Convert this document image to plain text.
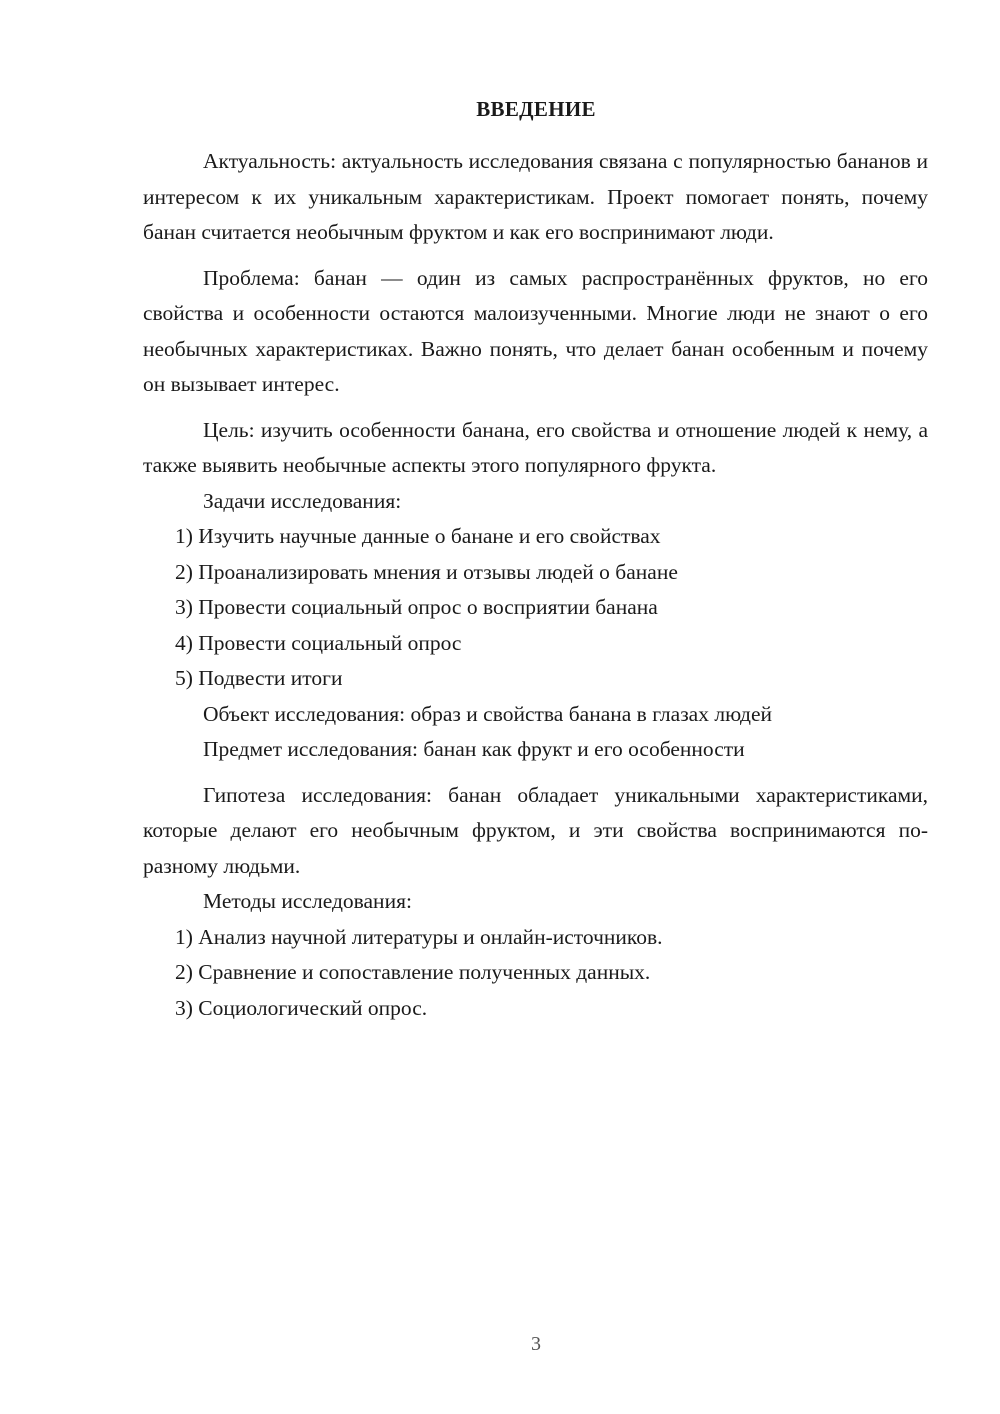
ВВЕДЕНИЕ

Актуальность: актуальность исследования связана с популярностью бананов и интересом к их уникальным характеристикам. Проект помогает понять, почему банан считается необычным фруктом и как его воспринимают люди.

Проблема: банан — один из самых распространённых фруктов, но его свойства и особенности остаются малоизученными. Многие люди не знают о его необычных характеристиках. Важно понять, что делает банан особенным и почему он вызывает интерес.

Цель: изучить особенности банана, его свойства и отношение людей к нему, а также выявить необычные аспекты этого популярного фрукта.

Задачи исследования:

1) Изучить научные данные о банане и его свойствах

2) Проанализировать мнения и отзывы людей о банане

3) Провести социальный опрос о восприятии банана

4) Провести социальный опрос

5) Подвести итоги

Объект исследования: образ и свойства банана в глазах людей

Предмет исследования: банан как фрукт и его особенности

Гипотеза исследования: банан обладает уникальными характеристиками, которые делают его необычным фруктом, и эти свойства воспринимаются по-разному людьми.

Методы исследования:

1) Анализ научной литературы и онлайн-источников.

2) Сравнение и сопоставление полученных данных.

3) Социологический опрос.

3
